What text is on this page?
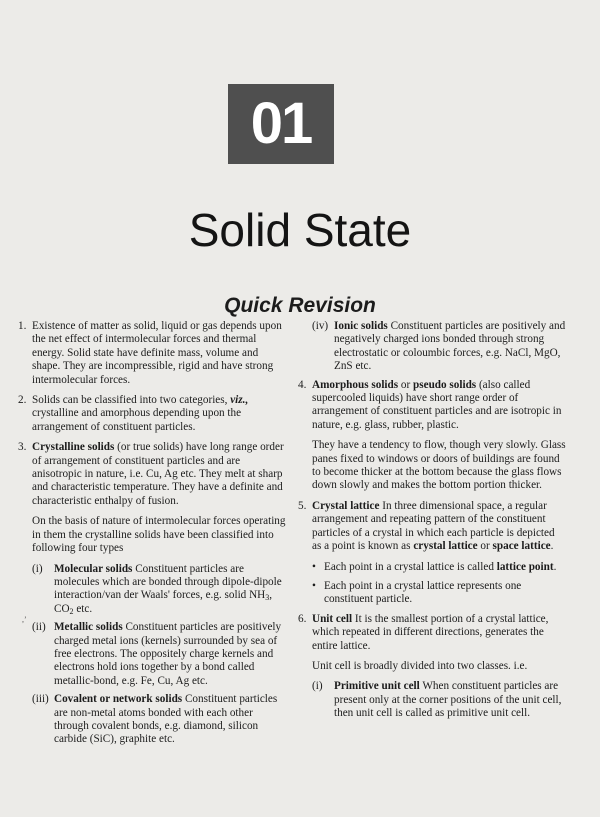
01
Solid State
Quick Revision
1. Existence of matter as solid, liquid or gas depends upon the net effect of intermolecular forces and thermal energy. Solid state have definite mass, volume and shape. They are incompressible, rigid and have strong intermolecular forces.
2. Solids can be classified into two categories, viz., crystalline and amorphous depending upon the arrangement of constituent particles.
3. Crystalline solids (or true solids) have long range order of arrangement of constituent particles and are anisotropic in nature, i.e. Cu, Ag etc. They melt at sharp and characteristic temperature. They have a definite and characteristic enthalpy of fusion.

On the basis of nature of intermolecular forces operating in them the crystalline solids have been classified into following four types

(i) Molecular solids Constituent particles are molecules which are bonded through dipole-dipole interaction/van der Waals' forces, e.g. solid $NH_3$, $CO_2$ etc.
(ii) Metallic solids Constituent particles are positively charged metal ions (kernels) surrounded by sea of free electrons. The oppositely charge kernels and electrons hold ions together by a bond called metallic-bond, e.g. Fe, Cu, Ag etc.
(iii) Covalent or network solids Constituent particles are non-metal atoms bonded with each other through covalent bonds, e.g. diamond, silicon carbide (SiC), graphite etc.
,’
(iv) Ionic solids Constituent particles are positively and negatively charged ions bonded through strong electrostatic or coloumbic forces, e.g. NaCl, MgO, ZnS etc.
4. Amorphous solids or pseudo solids (also called supercooled liquids) have short range order of arrangement of constituent particles and are isotropic in nature, e.g. glass, rubber, plastic.

They have a tendency to flow, though very slowly. Glass panes fixed to windows or doors of buildings are found to become thicker at the bottom because the glass flows down slowly and makes the bottom portion thicker.

5. Crystal lattice In three dimensional space, a regular arrangement and repeating pattern of the constituent particles of a crystal in which each particle is depicted as a point is known as crystal lattice or space lattice.
• Each point in a crystal lattice is called lattice point.
• Each point in a crystal lattice represents one constituent particle.
6. Unit cell It is the smallest portion of a crystal lattice, which repeated in different directions, generates the entire lattice.

Unit cell is broadly divided into two classes. i.e.

(i) Primitive unit cell When constituent particles are present only at the corner positions of the unit cell, then unit cell is called as primitive unit cell.
